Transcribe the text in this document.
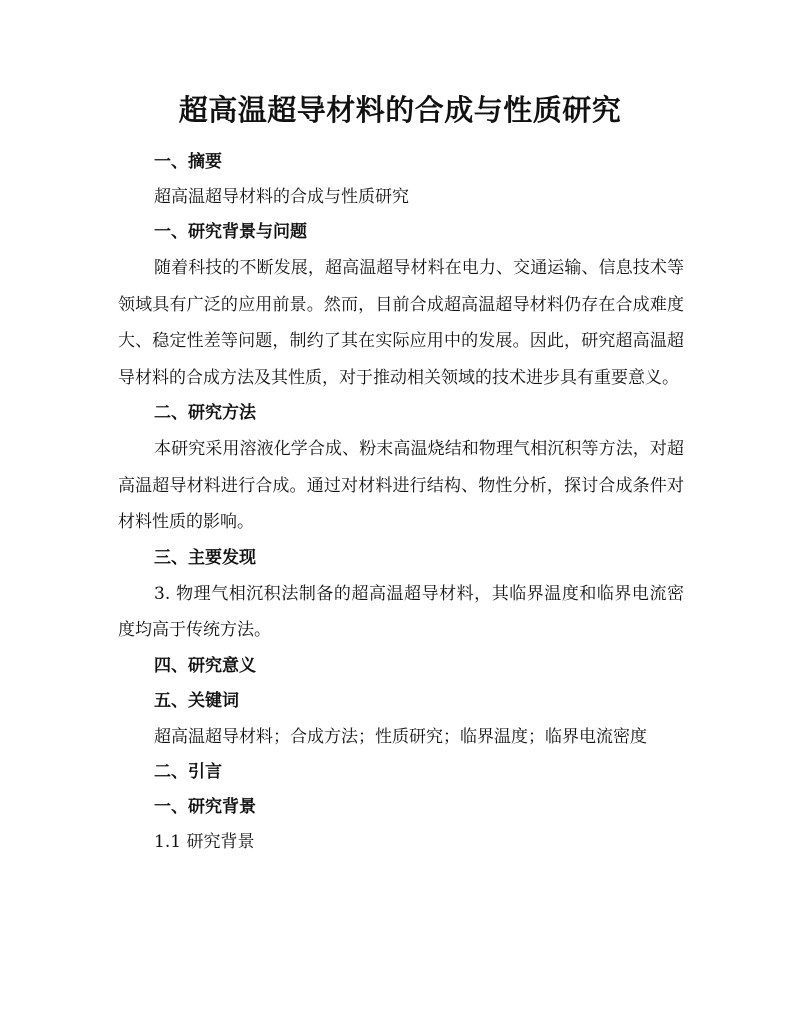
超高温超导材料的合成与性质研究
一、摘要
超高温超导材料的合成与性质研究
一、研究背景与问题
随着科技的不断发展，超高温超导材料在电力、交通运输、信息技术等领域具有广泛的应用前景。然而，目前合成超高温超导材料仍存在合成难度大、稳定性差等问题，制约了其在实际应用中的发展。因此，研究超高温超导材料的合成方法及其性质，对于推动相关领域的技术进步具有重要意义。
二、研究方法
本研究采用溶液化学合成、粉末高温烧结和物理气相沉积等方法，对超高温超导材料进行合成。通过对材料进行结构、物性分析，探讨合成条件对材料性质的影响。
三、主要发现
3. 物理气相沉积法制备的超高温超导材料，其临界温度和临界电流密度均高于传统方法。
四、研究意义
五、关键词
超高温超导材料；合成方法；性质研究；临界温度；临界电流密度
二、引言
一、研究背景
1.1 研究背景
